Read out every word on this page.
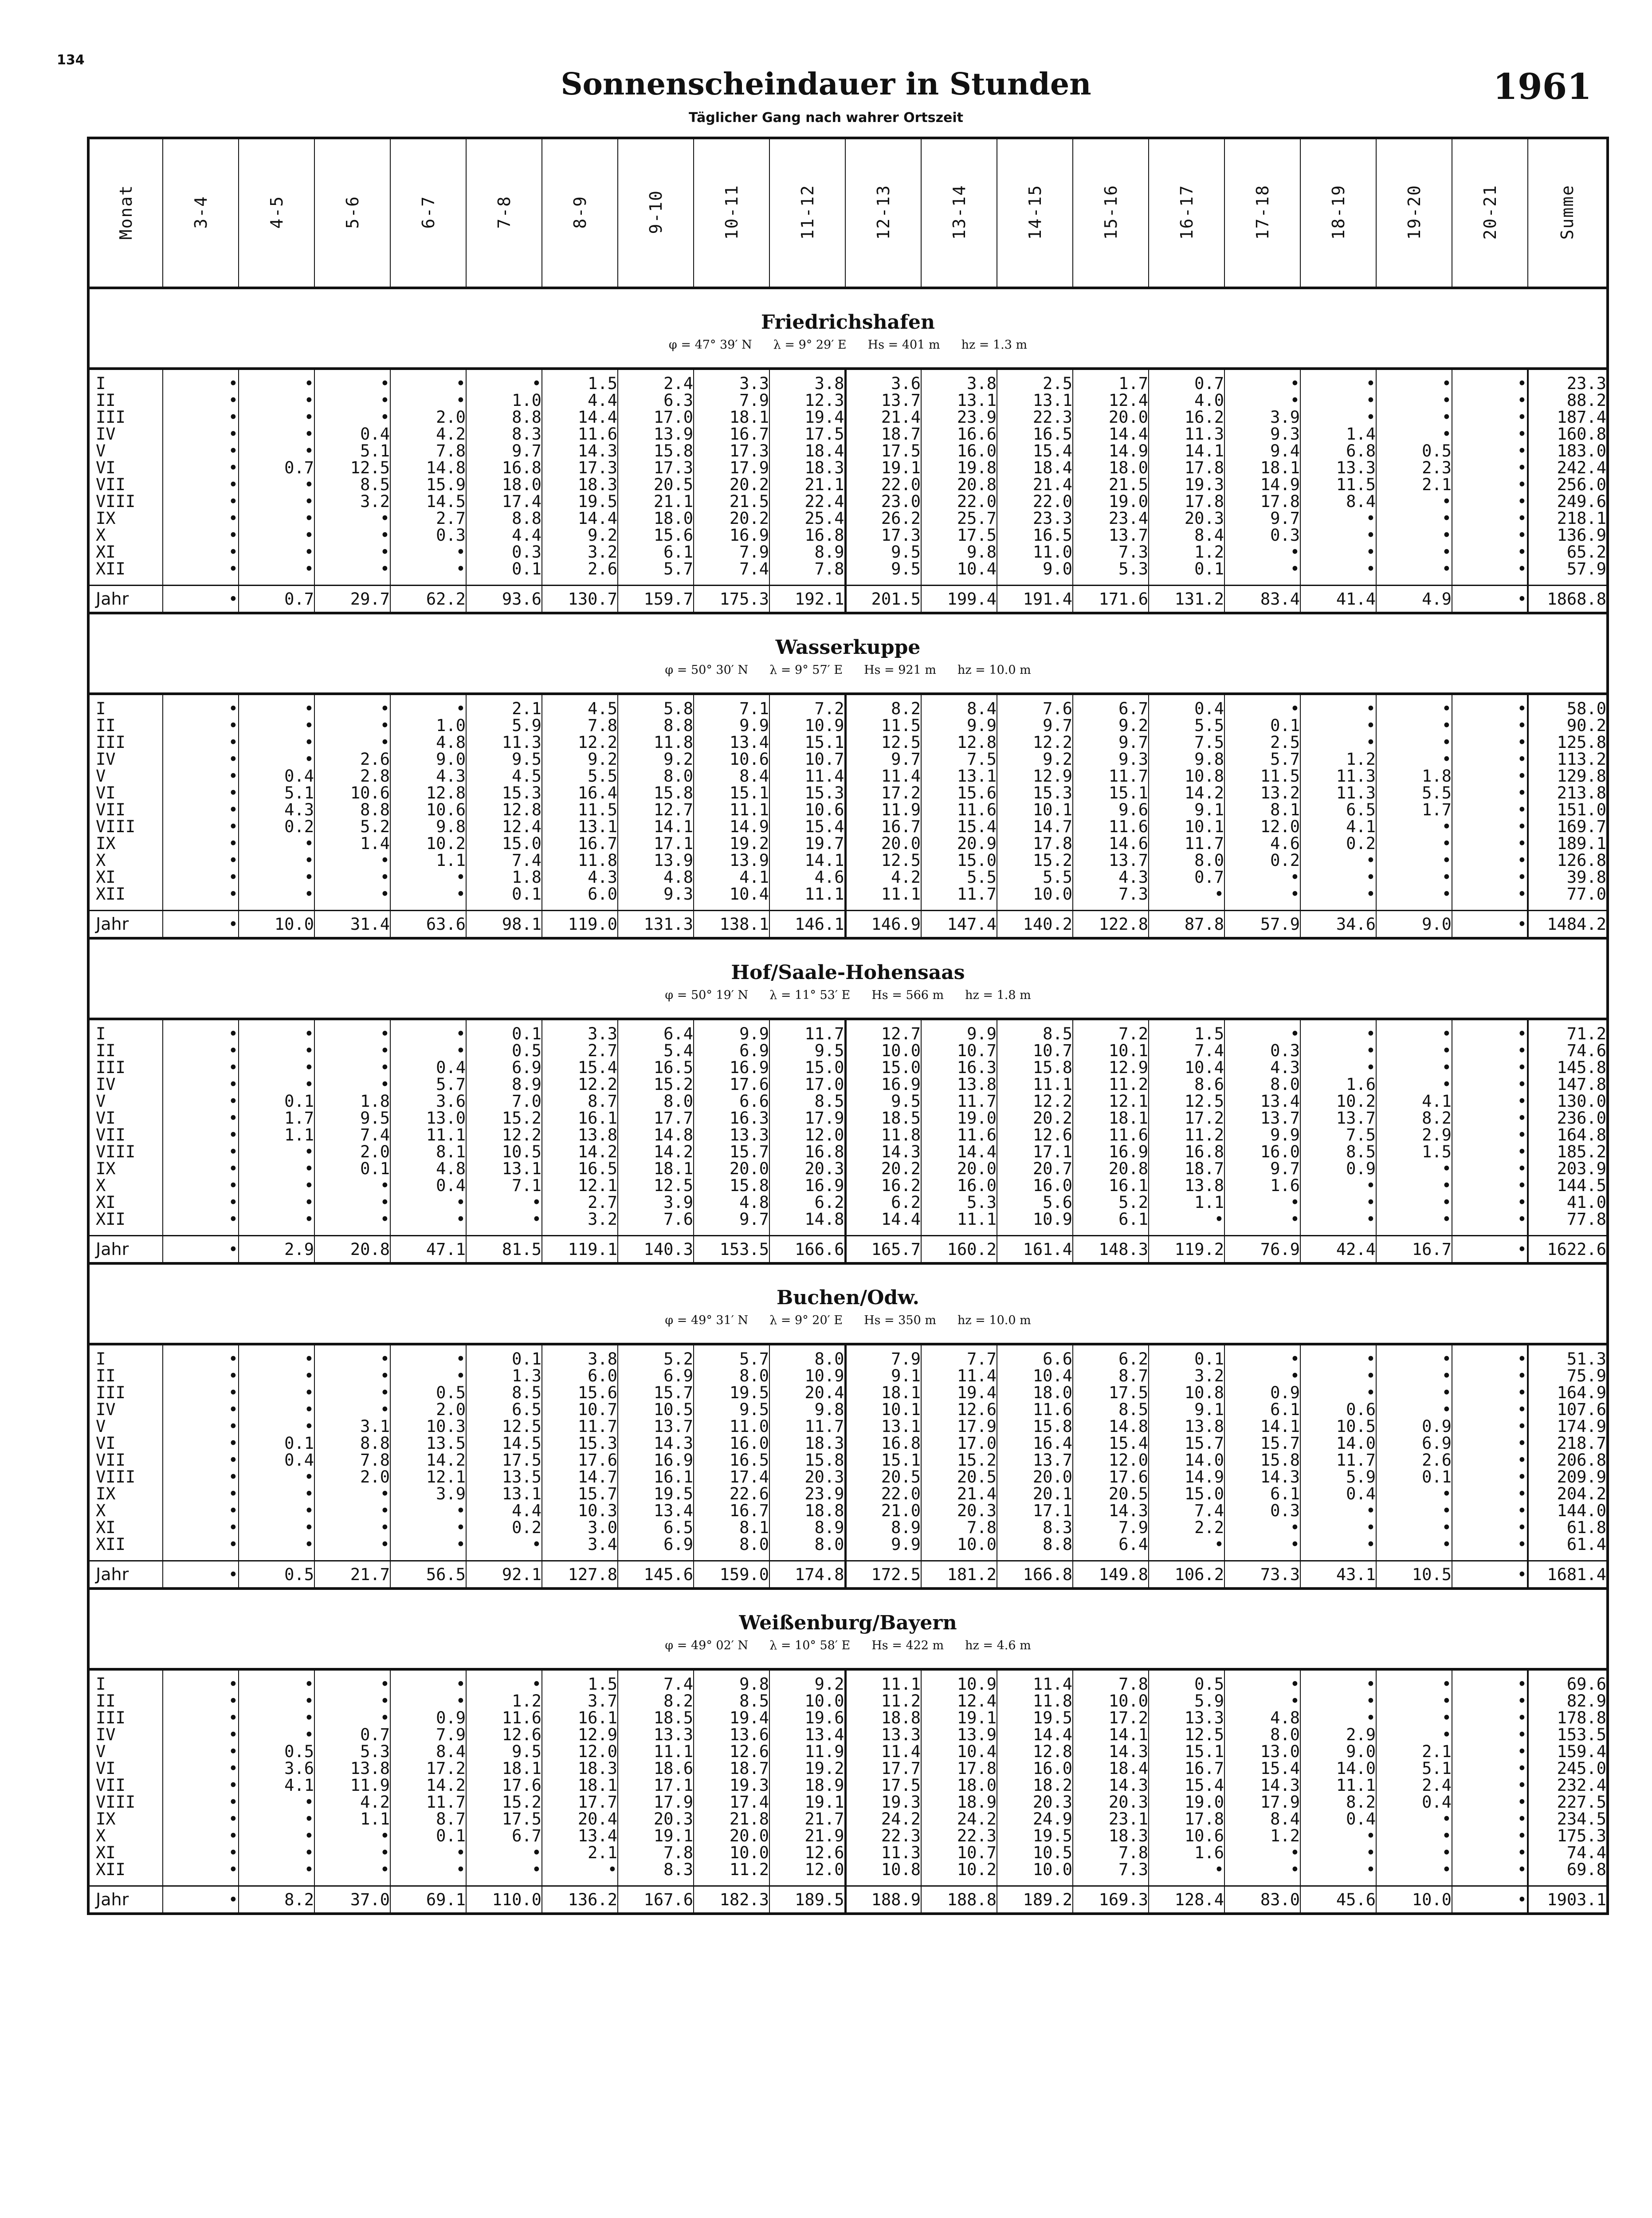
134
Sonnenscheindauer in Stunden	1961
Täglicher Gang nach wahrer Ortszeit
Monat	3-4	4-5	5-6	6-7	7-8	8-9	9-10	10-11	11-12	12-13	13-14	14-15	15-16	16-17	17-18	18-19	19-20	20-21	Summe

Friedrichshafen
φ = 47° 39′ N λ = 9° 29′ E Hs = 401 m hz = 1.3 m																			

I	•	•	•	•	•	1.5	2.4	3.3	3.8	3.6	3.8	2.5	1.7	0.7	•	•	•	•	23.3
II	•	•	•	•	1.0	4.4	6.3	7.9	12.3	13.7	13.1	13.1	12.4	4.0	•	•	•	•	88.2
III	•	•	•	2.0	8.8	14.4	17.0	18.1	19.4	21.4	23.9	22.3	20.0	16.2	3.9	•	•	•	187.4
IV	•	•	0.4	4.2	8.3	11.6	13.9	16.7	17.5	18.7	16.6	16.5	14.4	11.3	9.3	1.4	•	•	160.8
V	•	•	5.1	7.8	9.7	14.3	15.8	17.3	18.4	17.5	16.0	15.4	14.9	14.1	9.4	6.8	0.5	•	183.0
VI	•	0.7	12.5	14.8	16.8	17.3	17.3	17.9	18.3	19.1	19.8	18.4	18.0	17.8	18.1	13.3	2.3	•	242.4
VII	•	•	8.5	15.9	18.0	18.3	20.5	20.2	21.1	22.0	20.8	21.4	21.5	19.3	14.9	11.5	2.1	•	256.0
VIII	•	•	3.2	14.5	17.4	19.5	21.1	21.5	22.4	23.0	22.0	22.0	19.0	17.8	17.8	8.4	•	•	249.6
IX	•	•	•	2.7	8.8	14.4	18.0	20.2	25.4	26.2	25.7	23.3	23.4	20.3	9.7	•	•	•	218.1
X	•	•	•	0.3	4.4	9.2	15.6	16.9	16.8	17.3	17.5	16.5	13.7	8.4	0.3	•	•	•	136.9
XI	•	•	•	•	0.3	3.2	6.1	7.9	8.9	9.5	9.8	11.0	7.3	1.2	•	•	•	•	65.2
XII	•	•	•	•	0.1	2.6	5.7	7.4	7.8	9.5	10.4	9.0	5.3	0.1	•	•	•	•	57.9
Jahr	•	0.7	29.7	62.2	93.6	130.7	159.7	175.3	192.1	201.5	199.4	191.4	171.6	131.2	83.4	41.4	4.9	•	1868.8

Wasserkuppe
φ = 50° 30′ N λ = 9° 57′ E Hs = 921 m hz = 10.0 m																			

I	•	•	•	•	2.1	4.5	5.8	7.1	7.2	8.2	8.4	7.6	6.7	0.4	•	•	•	•	58.0
II	•	•	•	1.0	5.9	7.8	8.8	9.9	10.9	11.5	9.9	9.7	9.2	5.5	0.1	•	•	•	90.2
III	•	•	•	4.8	11.3	12.2	11.8	13.4	15.1	12.5	12.8	12.2	9.7	7.5	2.5	•	•	•	125.8
IV	•	•	2.6	9.0	9.5	9.2	9.2	10.6	10.7	9.7	7.5	9.2	9.3	9.8	5.7	1.2	•	•	113.2
V	•	0.4	2.8	4.3	4.5	5.5	8.0	8.4	11.4	11.4	13.1	12.9	11.7	10.8	11.5	11.3	1.8	•	129.8
VI	•	5.1	10.6	12.8	15.3	16.4	15.8	15.1	15.3	17.2	15.6	15.3	15.1	14.2	13.2	11.3	5.5	•	213.8
VII	•	4.3	8.8	10.6	12.8	11.5	12.7	11.1	10.6	11.9	11.6	10.1	9.6	9.1	8.1	6.5	1.7	•	151.0
VIII	•	0.2	5.2	9.8	12.4	13.1	14.1	14.9	15.4	16.7	15.4	14.7	11.6	10.1	12.0	4.1	•	•	169.7
IX	•	•	1.4	10.2	15.0	16.7	17.1	19.2	19.7	20.0	20.9	17.8	14.6	11.7	4.6	0.2	•	•	189.1
X	•	•	•	1.1	7.4	11.8	13.9	13.9	14.1	12.5	15.0	15.2	13.7	8.0	0.2	•	•	•	126.8
XI	•	•	•	•	1.8	4.3	4.8	4.1	4.6	4.2	5.5	5.5	4.3	0.7	•	•	•	•	39.8
XII	•	•	•	•	0.1	6.0	9.3	10.4	11.1	11.1	11.7	10.0	7.3	•	•	•	•	•	77.0
Jahr	•	10.0	31.4	63.6	98.1	119.0	131.3	138.1	146.1	146.9	147.4	140.2	122.8	87.8	57.9	34.6	9.0	•	1484.2

Hof/Saale-Hohensaas
φ = 50° 19′ N λ = 11° 53′ E Hs = 566 m hz = 1.8 m																			

I	•	•	•	•	0.1	3.3	6.4	9.9	11.7	12.7	9.9	8.5	7.2	1.5	•	•	•	•	71.2
II	•	•	•	•	0.5	2.7	5.4	6.9	9.5	10.0	10.7	10.7	10.1	7.4	0.3	•	•	•	74.6
III	•	•	•	0.4	6.9	15.4	16.5	16.9	15.0	15.0	16.3	15.8	12.9	10.4	4.3	•	•	•	145.8
IV	•	•	•	5.7	8.9	12.2	15.2	17.6	17.0	16.9	13.8	11.1	11.2	8.6	8.0	1.6	•	•	147.8
V	•	0.1	1.8	3.6	7.0	8.7	8.0	6.6	8.5	9.5	11.7	12.2	12.1	12.5	13.4	10.2	4.1	•	130.0
VI	•	1.7	9.5	13.0	15.2	16.1	17.7	16.3	17.9	18.5	19.0	20.2	18.1	17.2	13.7	13.7	8.2	•	236.0
VII	•	1.1	7.4	11.1	12.2	13.8	14.8	13.3	12.0	11.8	11.6	12.6	11.6	11.2	9.9	7.5	2.9	•	164.8
VIII	•	•	2.0	8.1	10.5	14.2	14.2	15.7	16.8	14.3	14.4	17.1	16.9	16.8	16.0	8.5	1.5	•	185.2
IX	•	•	0.1	4.8	13.1	16.5	18.1	20.0	20.3	20.2	20.0	20.7	20.8	18.7	9.7	0.9	•	•	203.9
X	•	•	•	0.4	7.1	12.1	12.5	15.8	16.9	16.2	16.0	16.0	16.1	13.8	1.6	•	•	•	144.5
XI	•	•	•	•	•	2.7	3.9	4.8	6.2	6.2	5.3	5.6	5.2	1.1	•	•	•	•	41.0
XII	•	•	•	•	•	3.2	7.6	9.7	14.8	14.4	11.1	10.9	6.1	•	•	•	•	•	77.8
Jahr	•	2.9	20.8	47.1	81.5	119.1	140.3	153.5	166.6	165.7	160.2	161.4	148.3	119.2	76.9	42.4	16.7	•	1622.6

Buchen/Odw.
φ = 49° 31′ N λ = 9° 20′ E Hs = 350 m hz = 10.0 m																			

I	•	•	•	•	0.1	3.8	5.2	5.7	8.0	7.9	7.7	6.6	6.2	0.1	•	•	•	•	51.3
II	•	•	•	•	1.3	6.0	6.9	8.0	10.9	9.1	11.4	10.4	8.7	3.2	•	•	•	•	75.9
III	•	•	•	0.5	8.5	15.6	15.7	19.5	20.4	18.1	19.4	18.0	17.5	10.8	0.9	•	•	•	164.9
IV	•	•	•	2.0	6.5	10.7	10.5	9.5	9.8	10.1	12.6	11.6	8.5	9.1	6.1	0.6	•	•	107.6
V	•	•	3.1	10.3	12.5	11.7	13.7	11.0	11.7	13.1	17.9	15.8	14.8	13.8	14.1	10.5	0.9	•	174.9
VI	•	0.1	8.8	13.5	14.5	15.3	14.3	16.0	18.3	16.8	17.0	16.4	15.4	15.7	15.7	14.0	6.9	•	218.7
VII	•	0.4	7.8	14.2	17.5	17.6	16.9	16.5	15.8	15.1	15.2	13.7	12.0	14.0	15.8	11.7	2.6	•	206.8
VIII	•	•	2.0	12.1	13.5	14.7	16.1	17.4	20.3	20.5	20.5	20.0	17.6	14.9	14.3	5.9	0.1	•	209.9
IX	•	•	•	3.9	13.1	15.7	19.5	22.6	23.9	22.0	21.4	20.1	20.5	15.0	6.1	0.4	•	•	204.2
X	•	•	•	•	4.4	10.3	13.4	16.7	18.8	21.0	20.3	17.1	14.3	7.4	0.3	•	•	•	144.0
XI	•	•	•	•	0.2	3.0	6.5	8.1	8.9	8.9	7.8	8.3	7.9	2.2	•	•	•	•	61.8
XII	•	•	•	•	•	3.4	6.9	8.0	8.0	9.9	10.0	8.8	6.4	•	•	•	•	•	61.4
Jahr	•	0.5	21.7	56.5	92.1	127.8	145.6	159.0	174.8	172.5	181.2	166.8	149.8	106.2	73.3	43.1	10.5	•	1681.4

Weißenburg/Bayern
φ = 49° 02′ N λ = 10° 58′ E Hs = 422 m hz = 4.6 m																			

I	•	•	•	•	•	1.5	7.4	9.8	9.2	11.1	10.9	11.4	7.8	0.5	•	•	•	•	69.6
II	•	•	•	•	1.2	3.7	8.2	8.5	10.0	11.2	12.4	11.8	10.0	5.9	•	•	•	•	82.9
III	•	•	•	0.9	11.6	16.1	18.5	19.4	19.6	18.8	19.1	19.5	17.2	13.3	4.8	•	•	•	178.8
IV	•	•	0.7	7.9	12.6	12.9	13.3	13.6	13.4	13.3	13.9	14.4	14.1	12.5	8.0	2.9	•	•	153.5
V	•	0.5	5.3	8.4	9.5	12.0	11.1	12.6	11.9	11.4	10.4	12.8	14.3	15.1	13.0	9.0	2.1	•	159.4
VI	•	3.6	13.8	17.2	18.1	18.3	18.6	18.7	19.2	17.7	17.8	16.0	18.4	16.7	15.4	14.0	5.1	•	245.0
VII	•	4.1	11.9	14.2	17.6	18.1	17.1	19.3	18.9	17.5	18.0	18.2	14.3	15.4	14.3	11.1	2.4	•	232.4
VIII	•	•	4.2	11.7	15.2	17.7	17.9	17.4	19.1	19.3	18.9	20.3	20.3	19.0	17.9	8.2	0.4	•	227.5
IX	•	•	1.1	8.7	17.5	20.4	20.3	21.8	21.7	24.2	24.2	24.9	23.1	17.8	8.4	0.4	•	•	234.5
X	•	•	•	0.1	6.7	13.4	19.1	20.0	21.9	22.3	22.3	19.5	18.3	10.6	1.2	•	•	•	175.3
XI	•	•	•	•	•	2.1	7.8	10.0	12.6	11.3	10.7	10.5	7.8	1.6	•	•	•	•	74.4
XII	•	•	•	•	•	•	8.3	11.2	12.0	10.8	10.2	10.0	7.3	•	•	•	•	•	69.8
Jahr	•	8.2	37.0	69.1	110.0	136.2	167.6	182.3	189.5	188.9	188.8	189.2	169.3	128.4	83.0	45.6	10.0	•	1903.1
